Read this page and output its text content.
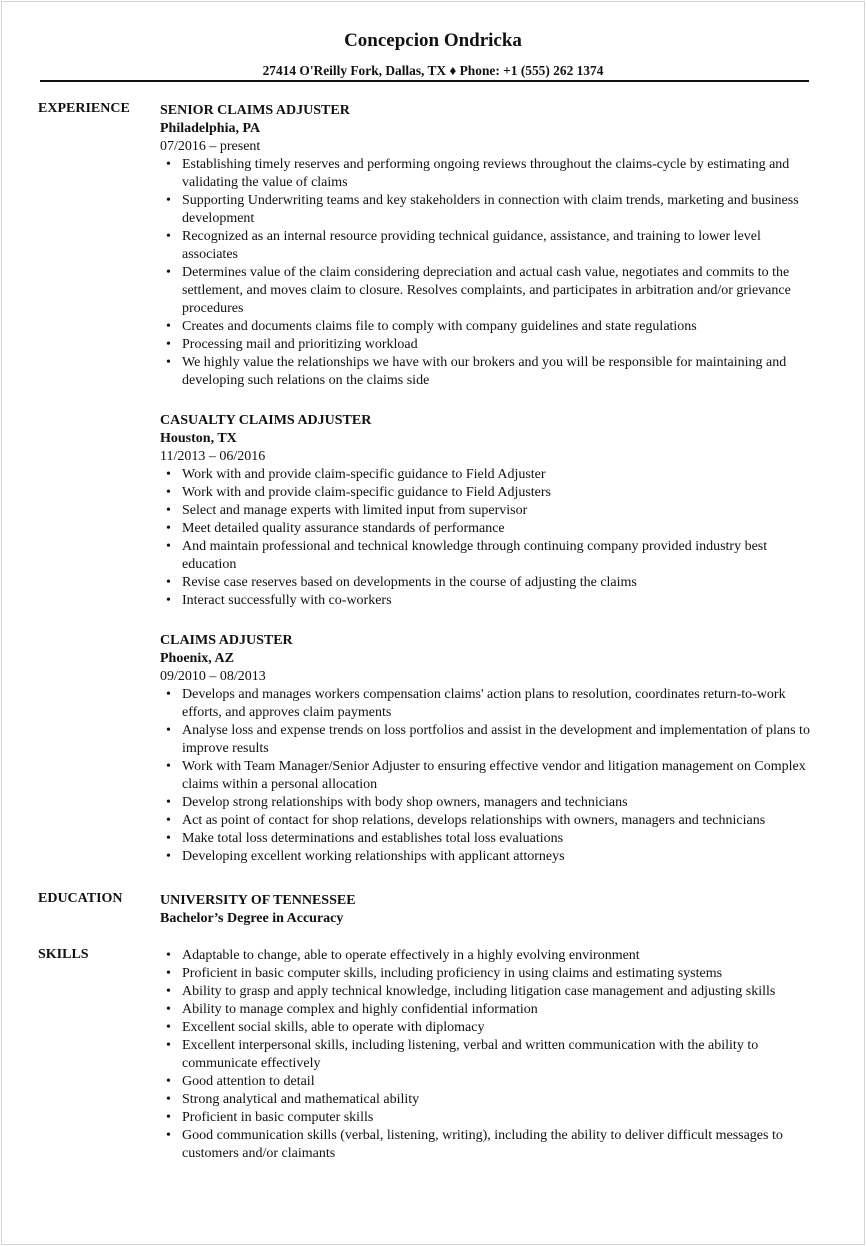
Concepcion Ondricka
27414 O'Reilly Fork, Dallas, TX ♦ Phone: +1 (555) 262 1374
EXPERIENCE SENIOR CLAIMS ADJUSTER
Philadelphia, PA
07/2016 – present
• Establishing timely reserves and performing ongoing reviews throughout the claims-cycle by estimating and validating the value of claims
• Supporting Underwriting teams and key stakeholders in connection with claim trends, marketing and business development
• Recognized as an internal resource providing technical guidance, assistance, and training to lower level associates
• Determines value of the claim considering depreciation and actual cash value, negotiates and commits to the settlement, and moves claim to closure. Resolves complaints, and participates in arbitration and/or grievance procedures
• Creates and documents claims file to comply with company guidelines and state regulations
• Processing mail and prioritizing workload
• We highly value the relationships we have with our brokers and you will be responsible for maintaining and developing such relations on the claims side
CASUALTY CLAIMS ADJUSTER
Houston, TX
11/2013 – 06/2016
• Work with and provide claim-specific guidance to Field Adjuster
• Work with and provide claim-specific guidance to Field Adjusters
• Select and manage experts with limited input from supervisor
• Meet detailed quality assurance standards of performance
• And maintain professional and technical knowledge through continuing company provided industry best education
• Revise case reserves based on developments in the course of adjusting the claims
• Interact successfully with co-workers
CLAIMS ADJUSTER
Phoenix, AZ
09/2010 – 08/2013
• Develops and manages workers compensation claims' action plans to resolution, coordinates return-to-work efforts, and approves claim payments
• Analyse loss and expense trends on loss portfolios and assist in the development and implementation of plans to improve results
• Work with Team Manager/Senior Adjuster to ensuring effective vendor and litigation management on Complex claims within a personal allocation
• Develop strong relationships with body shop owners, managers and technicians
• Act as point of contact for shop relations, develops relationships with owners, managers and technicians
• Make total loss determinations and establishes total loss evaluations
• Developing excellent working relationships with applicant attorneys
EDUCATION	UNIVERSITY OF TENNESSEE
Bachelor’s Degree in Accuracy
SKILLS
•	Adaptable to change, able to operate effectively in a highly evolving environment
• Proficient in basic computer skills, including proficiency in using claims and estimating systems
• Ability to grasp and apply technical knowledge, including litigation case management and adjusting skills
• Ability to manage complex and highly confidential information
• Excellent social skills, able to operate with diplomacy
• Excellent interpersonal skills, including listening, verbal and written communication with the ability to communicate effectively
• Good attention to detail
• Strong analytical and mathematical ability
• Proficient in basic computer skills
• Good communication skills (verbal, listening, writing), including the ability to deliver difficult messages to customers and/or claimants
